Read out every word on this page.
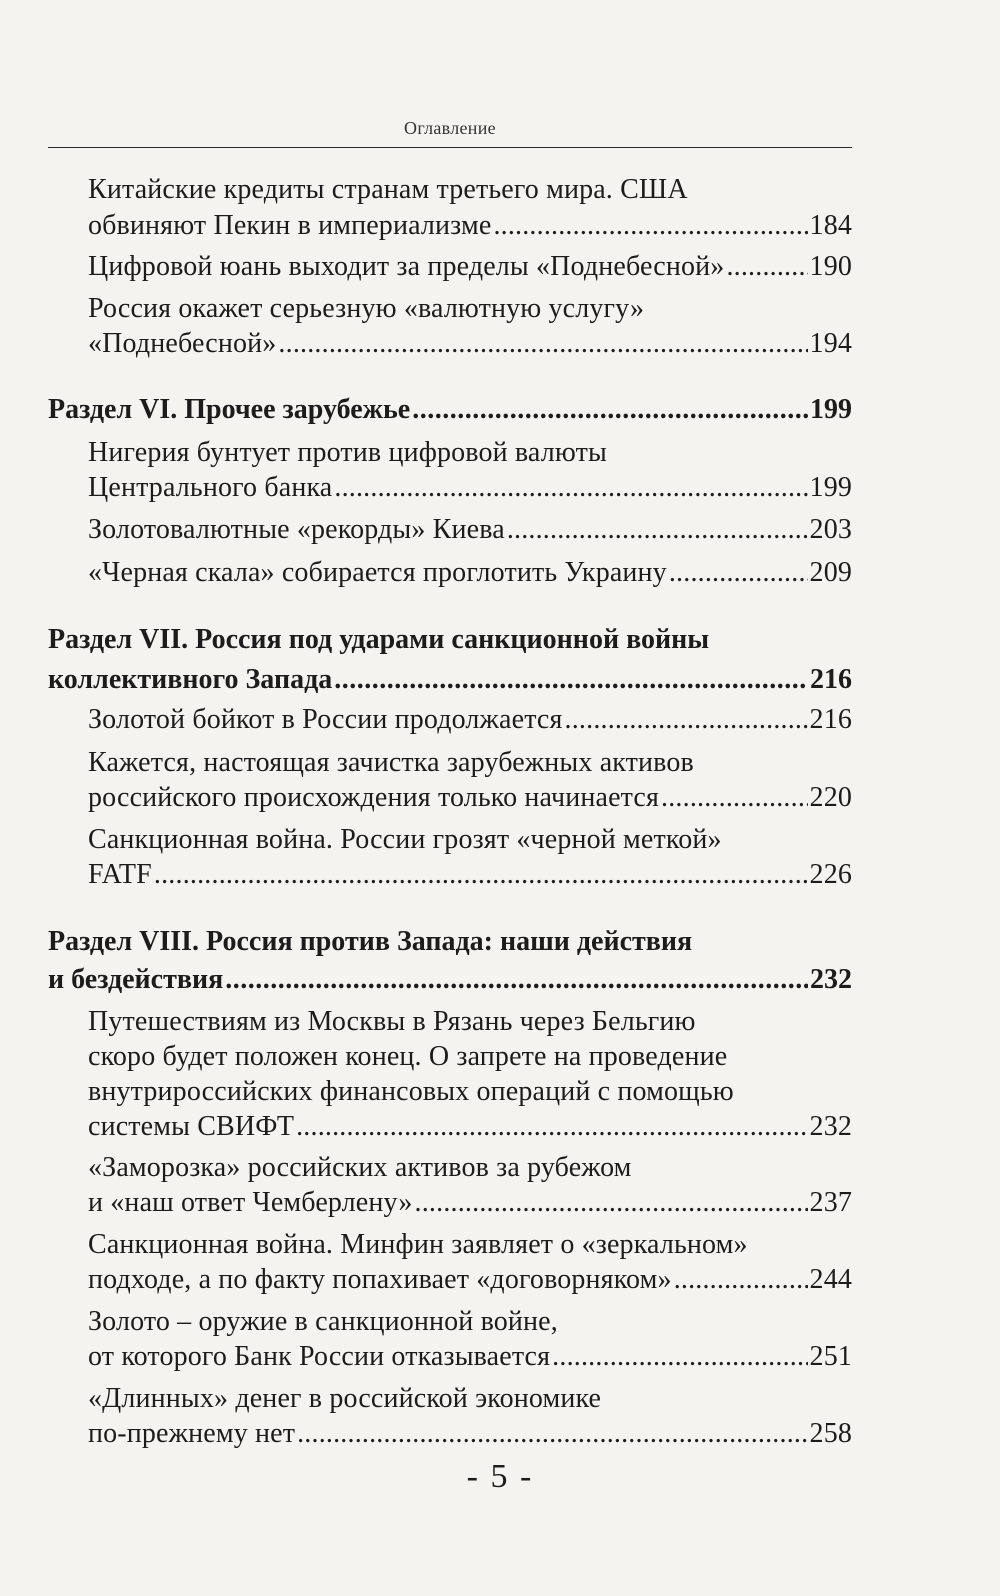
Оглавление
Китайские кредиты странам третьего мира. США
обвиняют Пекин в империализме .....	184
Цифровой юань выходит за пределы «Поднебесной» .....	190
Россия окажет серьезную «валютную услугу»
«Поднебесной» .....	194
Раздел VI. Прочее зарубежье .....	199
Нигерия бунтует против цифровой валюты
Центрального банка .....	199
Золотовалютные «рекорды» Киева .....	203
«Черная скала» собирается проглотить Украину .....	209
Раздел VII. Россия под ударами санкционной войны
коллективного Запада .....	216
Золотой бойкот в России продолжается .....	216
Кажется, настоящая зачистка зарубежных активов
российского происхождения только начинается .....	220
Санкционная война. России грозят «черной меткой»
FATF .....	226
Раздел VIII. Россия против Запада: наши действия
и бездействия .....	232
Путешествиям из Москвы в Рязань через Бельгию
скоро будет положен конец. О запрете на проведение
внутрироссийских финансовых операций с помощью
системы СВИФТ .....	232
«Заморозка» российских активов за рубежом
и «наш ответ Чемберлену» .....	237
Санкционная война. Минфин заявляет о «зеркальном»
подходе, а по факту попахивает «договорняком» .....	244
Золото – оружие в санкционной войне,
от которого Банк России отказывается .....	251
«Длинных» денег в российской экономике
по-прежнему нет .....	258
- 5 -
